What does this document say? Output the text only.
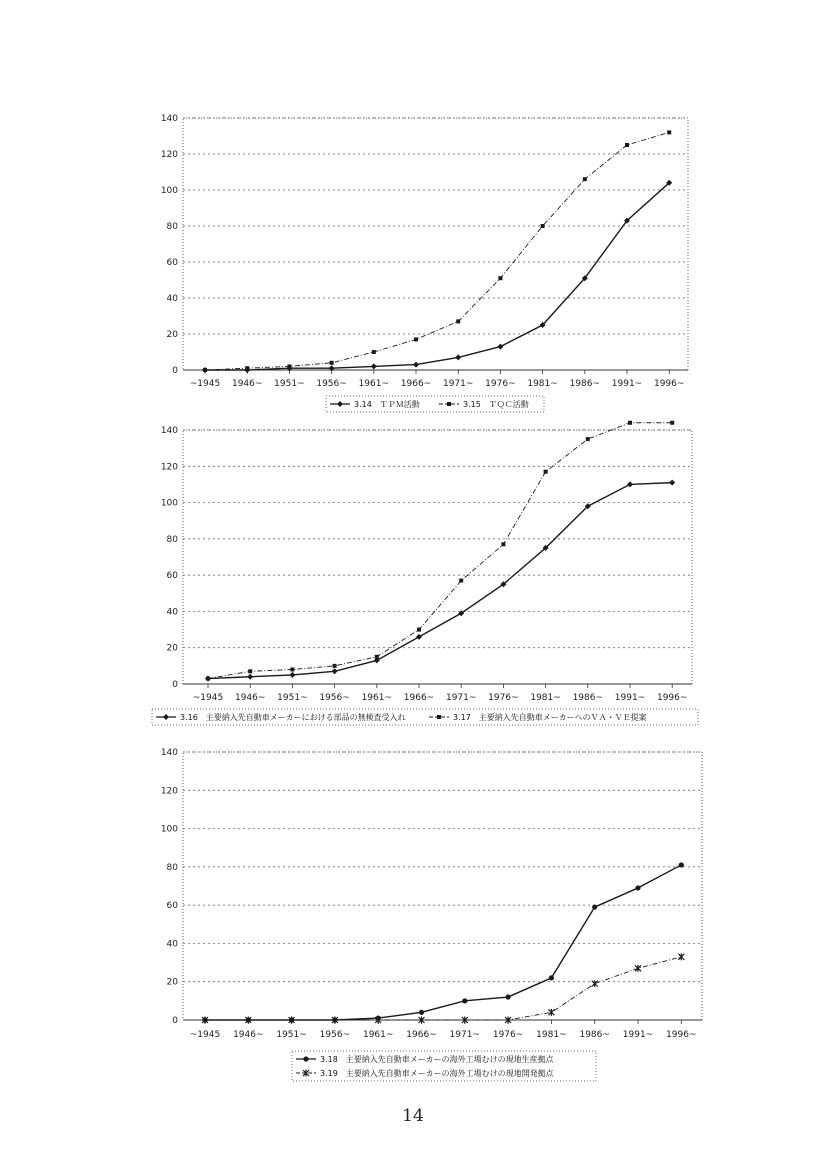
0
20
40
60
80
100
120
140
~1945 1946~ 1951~ 1956~ 1961~ 1966~ 1971~ 1976~ 1981~ 1986~ 1991~ 1996~
3.14　ＴＰＭ活動	3.15　ＴＱＣ活動
0
20
40
60
80
100
120
140
~1945 1946~ 1951~ 1956~ 1961~ 1966~ 1971~ 1976~ 1981~ 1986~ 1991~ 1996~
3.16　主要納入先自動車メーカーにおける部品の無検査受入れ	3.17　主要納入先自動車メーカーへのＶＡ・ＶＥ提案
0
20
40
60
80
100
120
140
~1945 1946~ 1951~ 1956~ 1961~ 1966~ 1971~ 1976~ 1981~ 1986~ 1991~ 1996~
3.18　主要納入先自動車メーカーの海外工場むけの現地生産拠点
3.19　主要納入先自動車メーカーの海外工場むけの現地開発拠点
14
